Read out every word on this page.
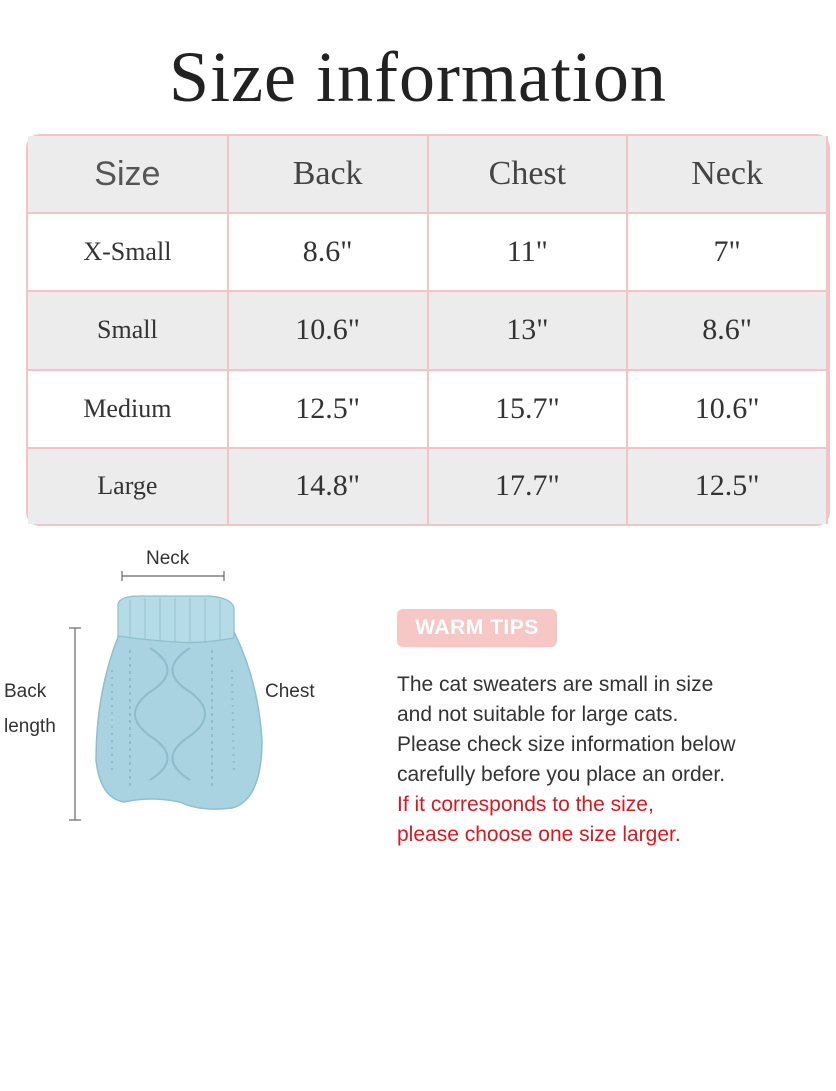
Size information
Size	Back	Chest	Neck
X-Small	8.6"	11"	7"
Small	10.6"	13"	8.6"
Medium	12.5"	15.7"	10.6"
Large	14.8"	17.7"	12.5"
Neck
Back
length
Chest
WARM TIPS
The cat sweaters are small in size
and not suitable for large cats.
Please check size information below
carefully before you place an order.
If it corresponds to the size,
please choose one size larger.
